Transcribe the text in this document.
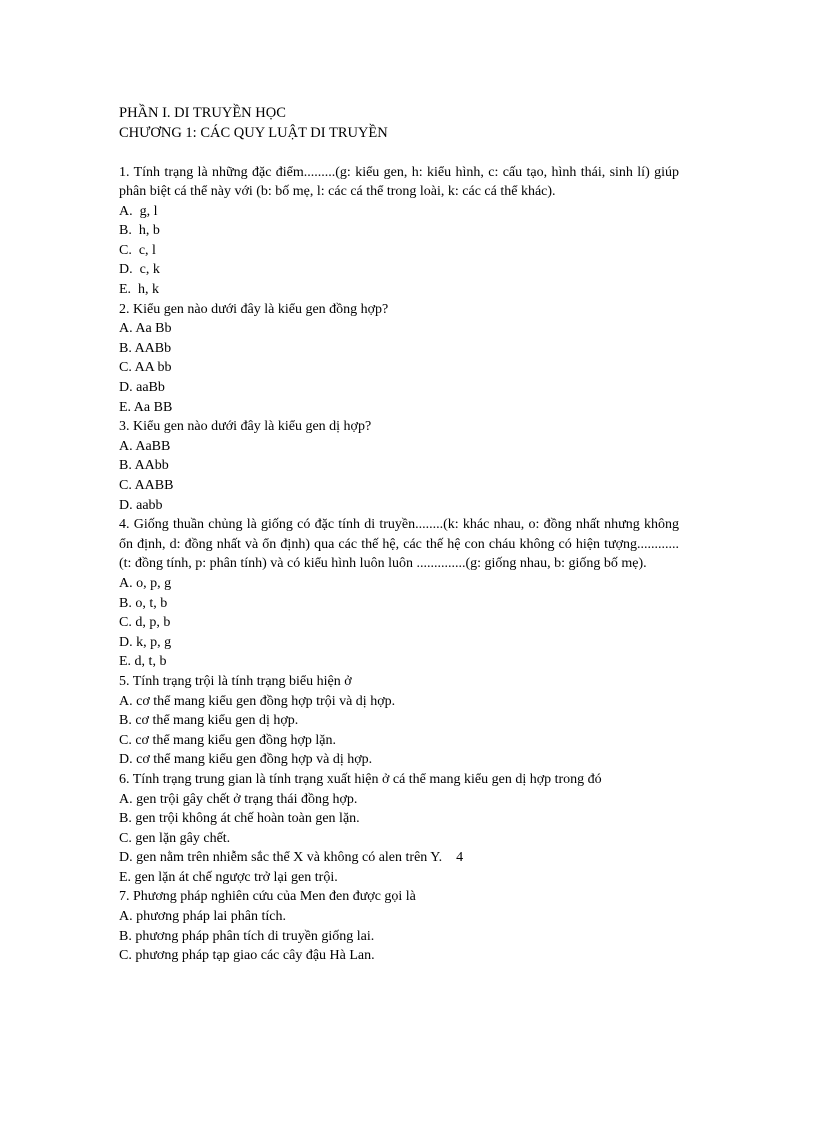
PHẦN I. DI TRUYỀN HỌC

CHƯƠNG 1: CÁC QUY LUẬT DI TRUYỀN

1. Tính trạng là những đặc điểm.........(g: kiểu gen, h: kiểu hình, c: cấu tạo, hình thái, sinh lí) giúp phân biệt cá thể này với (b: bố mẹ, l: các cá thể trong loài, k: các cá thể khác).

A.  g, l

B.  h, b

C.  c, l

D.  c, k

E.  h, k

2. Kiểu gen nào dưới đây là kiểu gen đồng hợp?

A. Aa Bb

B. AABb

C. AA bb

D. aaBb

E. Aa BB

3. Kiểu gen nào dưới đây là kiểu gen dị hợp?

A. AaBB

B. AAbb

C. AABB

D. aabb

4. Giống thuần chủng là giống có đặc tính di truyền........(k: khác nhau, o: đồng nhất nhưng không ổn định, d: đồng nhất và ổn định) qua các thế hệ, các thế hệ con cháu không có hiện tượng............(t: đồng tính, p: phân tính) và có kiểu hình luôn luôn ..............(g: giống nhau, b: giống bố mẹ).

A. o, p, g

B. o, t, b

C. d, p, b

D. k, p, g

E. d, t, b

5. Tính trạng trội là tính trạng biểu hiện ở

A. cơ thể mang kiểu gen đồng hợp trội và dị hợp.

B. cơ thể mang kiểu gen dị hợp.

C. cơ thể mang kiểu gen đồng hợp lặn.

D. cơ thể mang kiểu gen đồng hợp và dị hợp.

6. Tính trạng trung gian là tính trạng xuất hiện ở cá thể mang kiểu gen dị hợp trong đó

A. gen trội gây chết ở trạng thái đồng hợp.

B. gen trội không át chế hoàn toàn gen lặn.

C. gen lặn gây chết.

D. gen nằm trên nhiễm sắc thể X và không có alen trên Y.    4

E. gen lặn át chế ngược trở lại gen trội.

7. Phương pháp nghiên cứu của Men đen được gọi là

A. phương pháp lai phân tích.

B. phương pháp phân tích di truyền giống lai.

C. phương pháp tạp giao các cây đậu Hà Lan.
